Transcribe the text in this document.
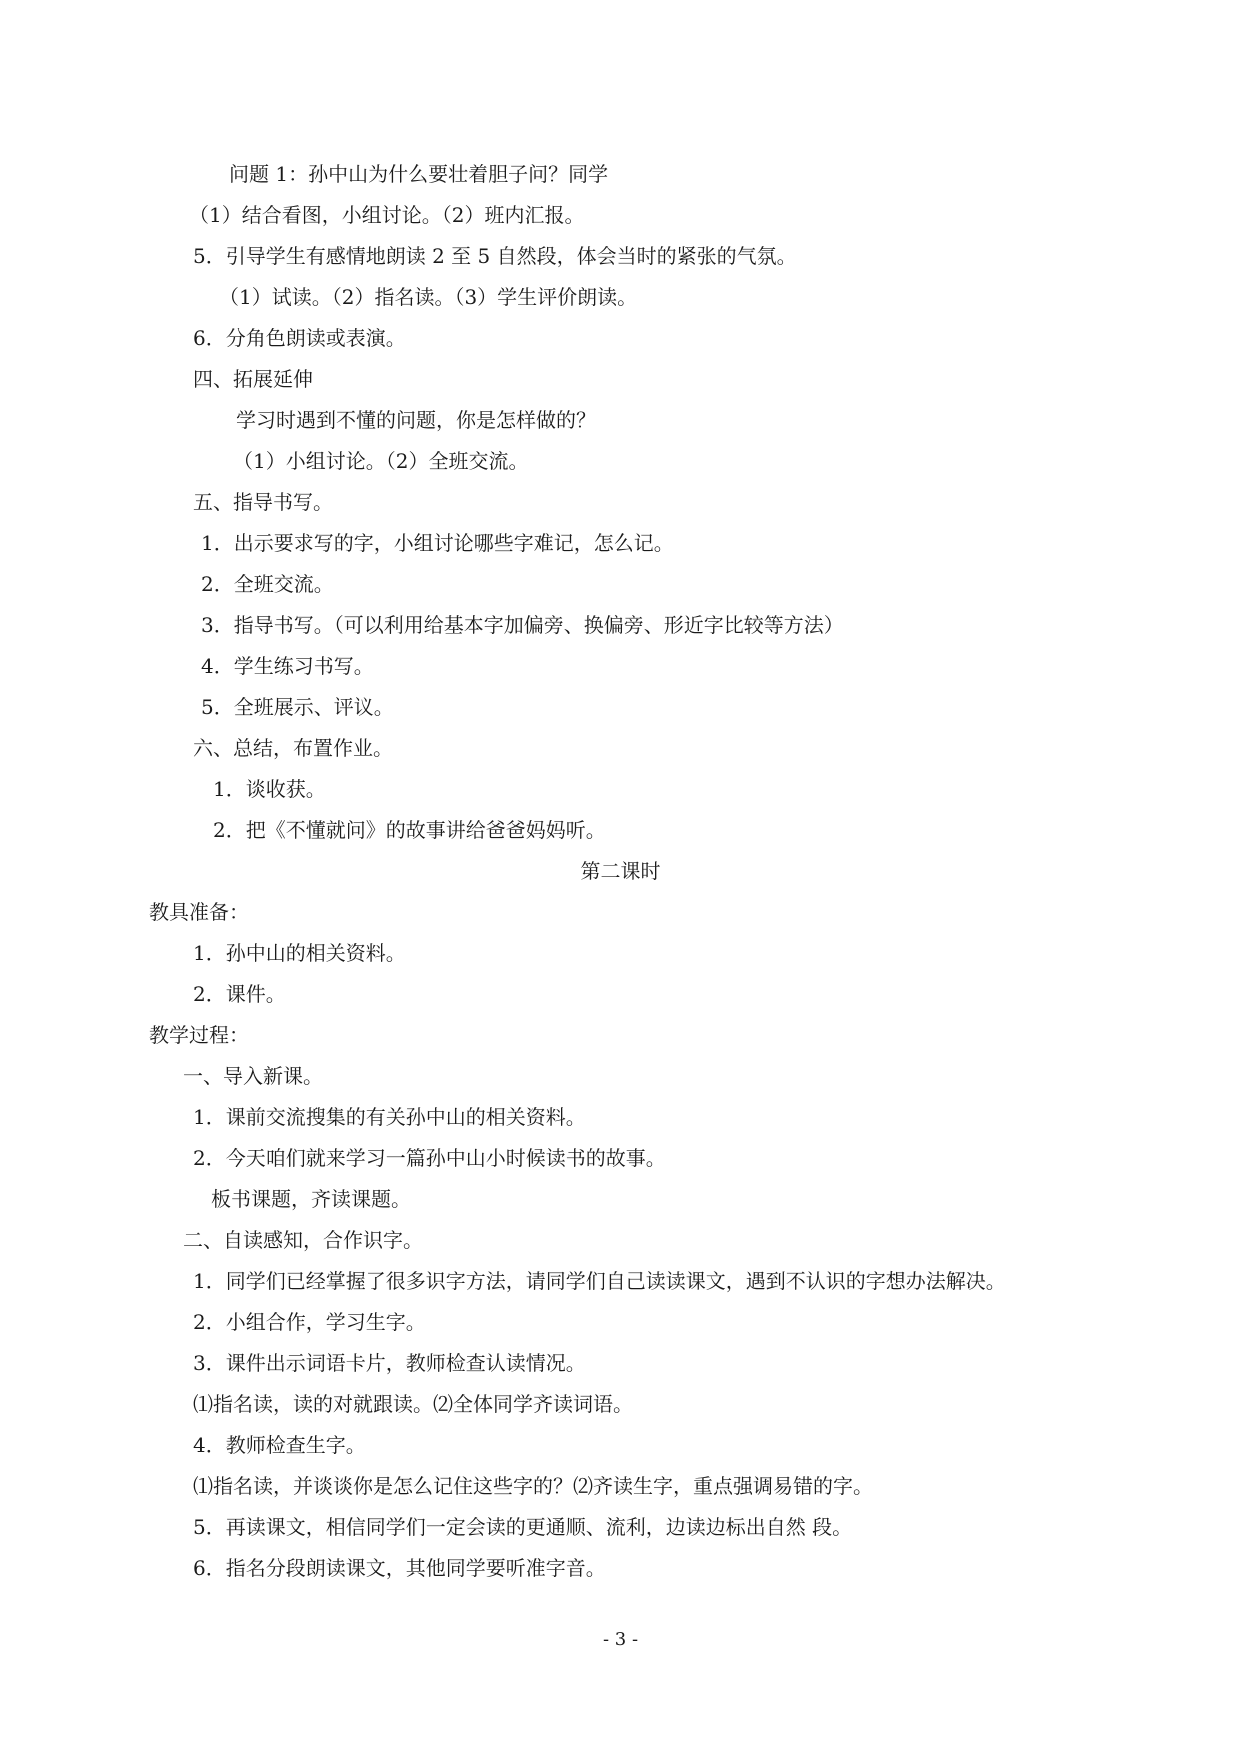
问题 1：孙中山为什么要壮着胆子问？同学
（1）结合看图，小组讨论。（2）班内汇报。
5．引导学生有感情地朗读 2 至 5 自然段，体会当时的紧张的气氛。
（1）试读。（2）指名读。（3）学生评价朗读。
6．分角色朗读或表演。
四、拓展延伸
学习时遇到不懂的问题，你是怎样做的？
（1）小组讨论。（2）全班交流。
五、指导书写。
1．出示要求写的字，小组讨论哪些字难记，怎么记。
2．全班交流。
3．指导书写。（可以利用给基本字加偏旁、换偏旁、形近字比较等方法）
4．学生练习书写。
5．全班展示、评议。
六、总结，布置作业。
1．谈收获。
2．把《不懂就问》的故事讲给爸爸妈妈听。
第二课时
教具准备：
1．孙中山的相关资料。
2．课件。
教学过程：
一、导入新课。
1．课前交流搜集的有关孙中山的相关资料。
2．今天咱们就来学习一篇孙中山小时候读书的故事。
板书课题，齐读课题。
二、自读感知，合作识字。
1．同学们已经掌握了很多识字方法，请同学们自己读读课文，遇到不认识的字想办法解决。
2．小组合作，学习生字。
3．课件出示词语卡片，教师检查认读情况。
⑴指名读，读的对就跟读。⑵全体同学齐读词语。
4．教师检查生字。
⑴指名读，并谈谈你是怎么记住这些字的？⑵齐读生字，重点强调易错的字。
5．再读课文，相信同学们一定会读的更通顺、流利，边读边标出自然 段。
6．指名分段朗读课文，其他同学要听准字音。
- 3 -
